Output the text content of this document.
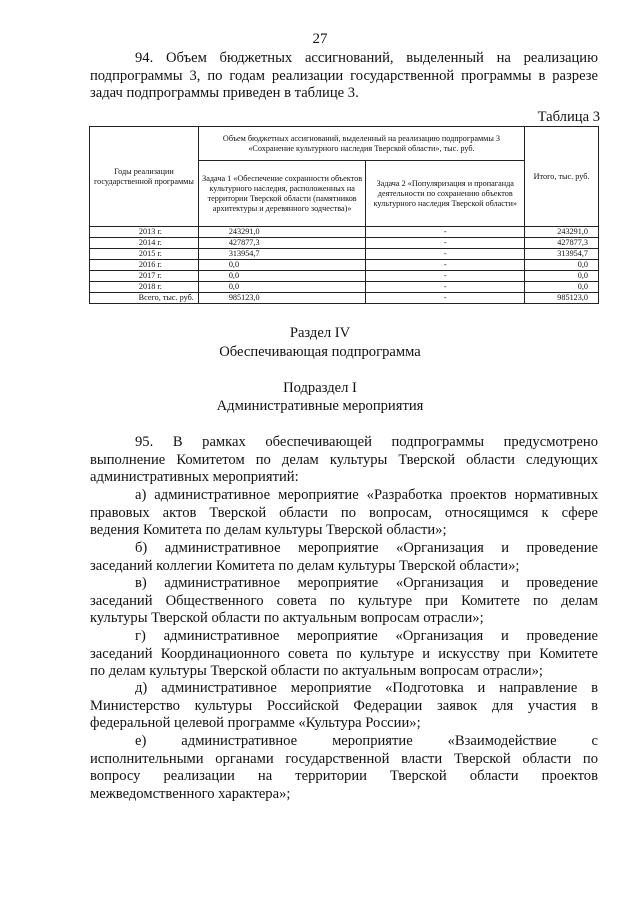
27

94. Объем бюджетных ассигнований, выделенный на реализацию
подпрограммы 3, по годам реализации государственной программы в разрезе
задач подпрограммы приведен в таблице 3.

Таблица 3
Годы реализации государственной программы	Объем бюджетных ассигнований, выделенный на реализацию подпрограммы 3 «Сохранение культурного наследия Тверской области», тыс. руб.		Итого, тыс. руб.
	Задача 1 «Обеспечение сохранности объектов культурного наследия, расположенных на территории Тверской области (памятников архитектуры и деревянного зодчества)»	Задача 2 «Популяризация и пропаганда деятельности по сохранению объектов культурного наследия Тверской области»	
2013 г.	243291,0	-	243291,0
2014 г.	427877,3	-	427877,3
2015 г.	313954,7	-	313954,7
2016 г.	0,0	-	0,0
2017 г.	0,0	-	0,0
2018 г.	0,0	-	0,0
Всего, тыс. руб.	985123,0	-	985123,0
Раздел IV
Обеспечивающая подпрограмма
Подраздел I
Административные мероприятия

95. В рамках обеспечивающей подпрограммы предусмотрено
выполнение Комитетом по делам культуры Тверской области следующих
административных мероприятий:

а) административное мероприятие «Разработка проектов нормативных
правовых актов Тверской области по вопросам, относящимся к сфере
ведения Комитета по делам культуры Тверской области»;

б) административное мероприятие «Организация и проведение
заседаний коллегии Комитета по делам культуры Тверской области»;

в) административное мероприятие «Организация и проведение
заседаний Общественного совета по культуре при Комитете по делам
культуры Тверской области по актуальным вопросам отрасли»;

г) административное мероприятие «Организация и проведение
заседаний Координационного совета по культуре и искусству при Комитете
по делам культуры Тверской области по актуальным вопросам отрасли»;

д) административное мероприятие «Подготовка и направление в
Министерство культуры Российской Федерации заявок для участия в
федеральной целевой программе «Культура России»;

е) административное мероприятие «Взаимодействие с
исполнительными органами государственной власти Тверской области по
вопросу реализации на территории Тверской области проектов
межведомственного характера»;
